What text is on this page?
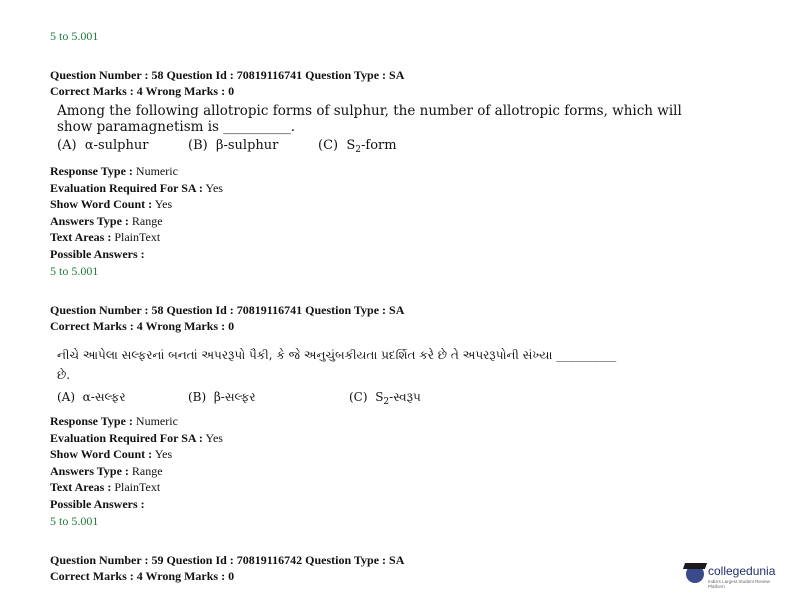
5 to 5.001
Question Number : 58 Question Id : 70819116741 Question Type : SA
Correct Marks : 4 Wrong Marks : 0
Among the following allotropic forms of sulphur, the number of allotropic forms, which will
show paramagnetism is __________.
(A) α-sulphur	(B) β-sulphur	(C) $S_2$-form
Response Type : Numeric
Evaluation Required For SA : Yes
Show Word Count : Yes
Answers Type : Range
Text Areas : PlainText
Possible Answers :
5 to 5.001
Question Number : 58 Question Id : 70819116741 Question Type : SA
Correct Marks : 4 Wrong Marks : 0
નીચે આપેલા સલ્ફરનાં બનતાં અપરરૂપો પૈકી, કે જે અનુચુંબકીયતા પ્રદર્શિત કરે છે તે અપરરૂપોની સંખ્યા __________
છે.
(A) α-સલ્ફર	(B) β-સલ્ફર	(C) $S_2-સ્વરૂપ$
Response Type : Numeric
Evaluation Required For SA : Yes
Show Word Count : Yes
Answers Type : Range
Text Areas : PlainText
Possible Answers :
5 to 5.001
Question Number : 59 Question Id : 70819116742 Question Type : SA
Correct Marks : 4 Wrong Marks : 0	collegedunia
India's Largest Student Review Platform
